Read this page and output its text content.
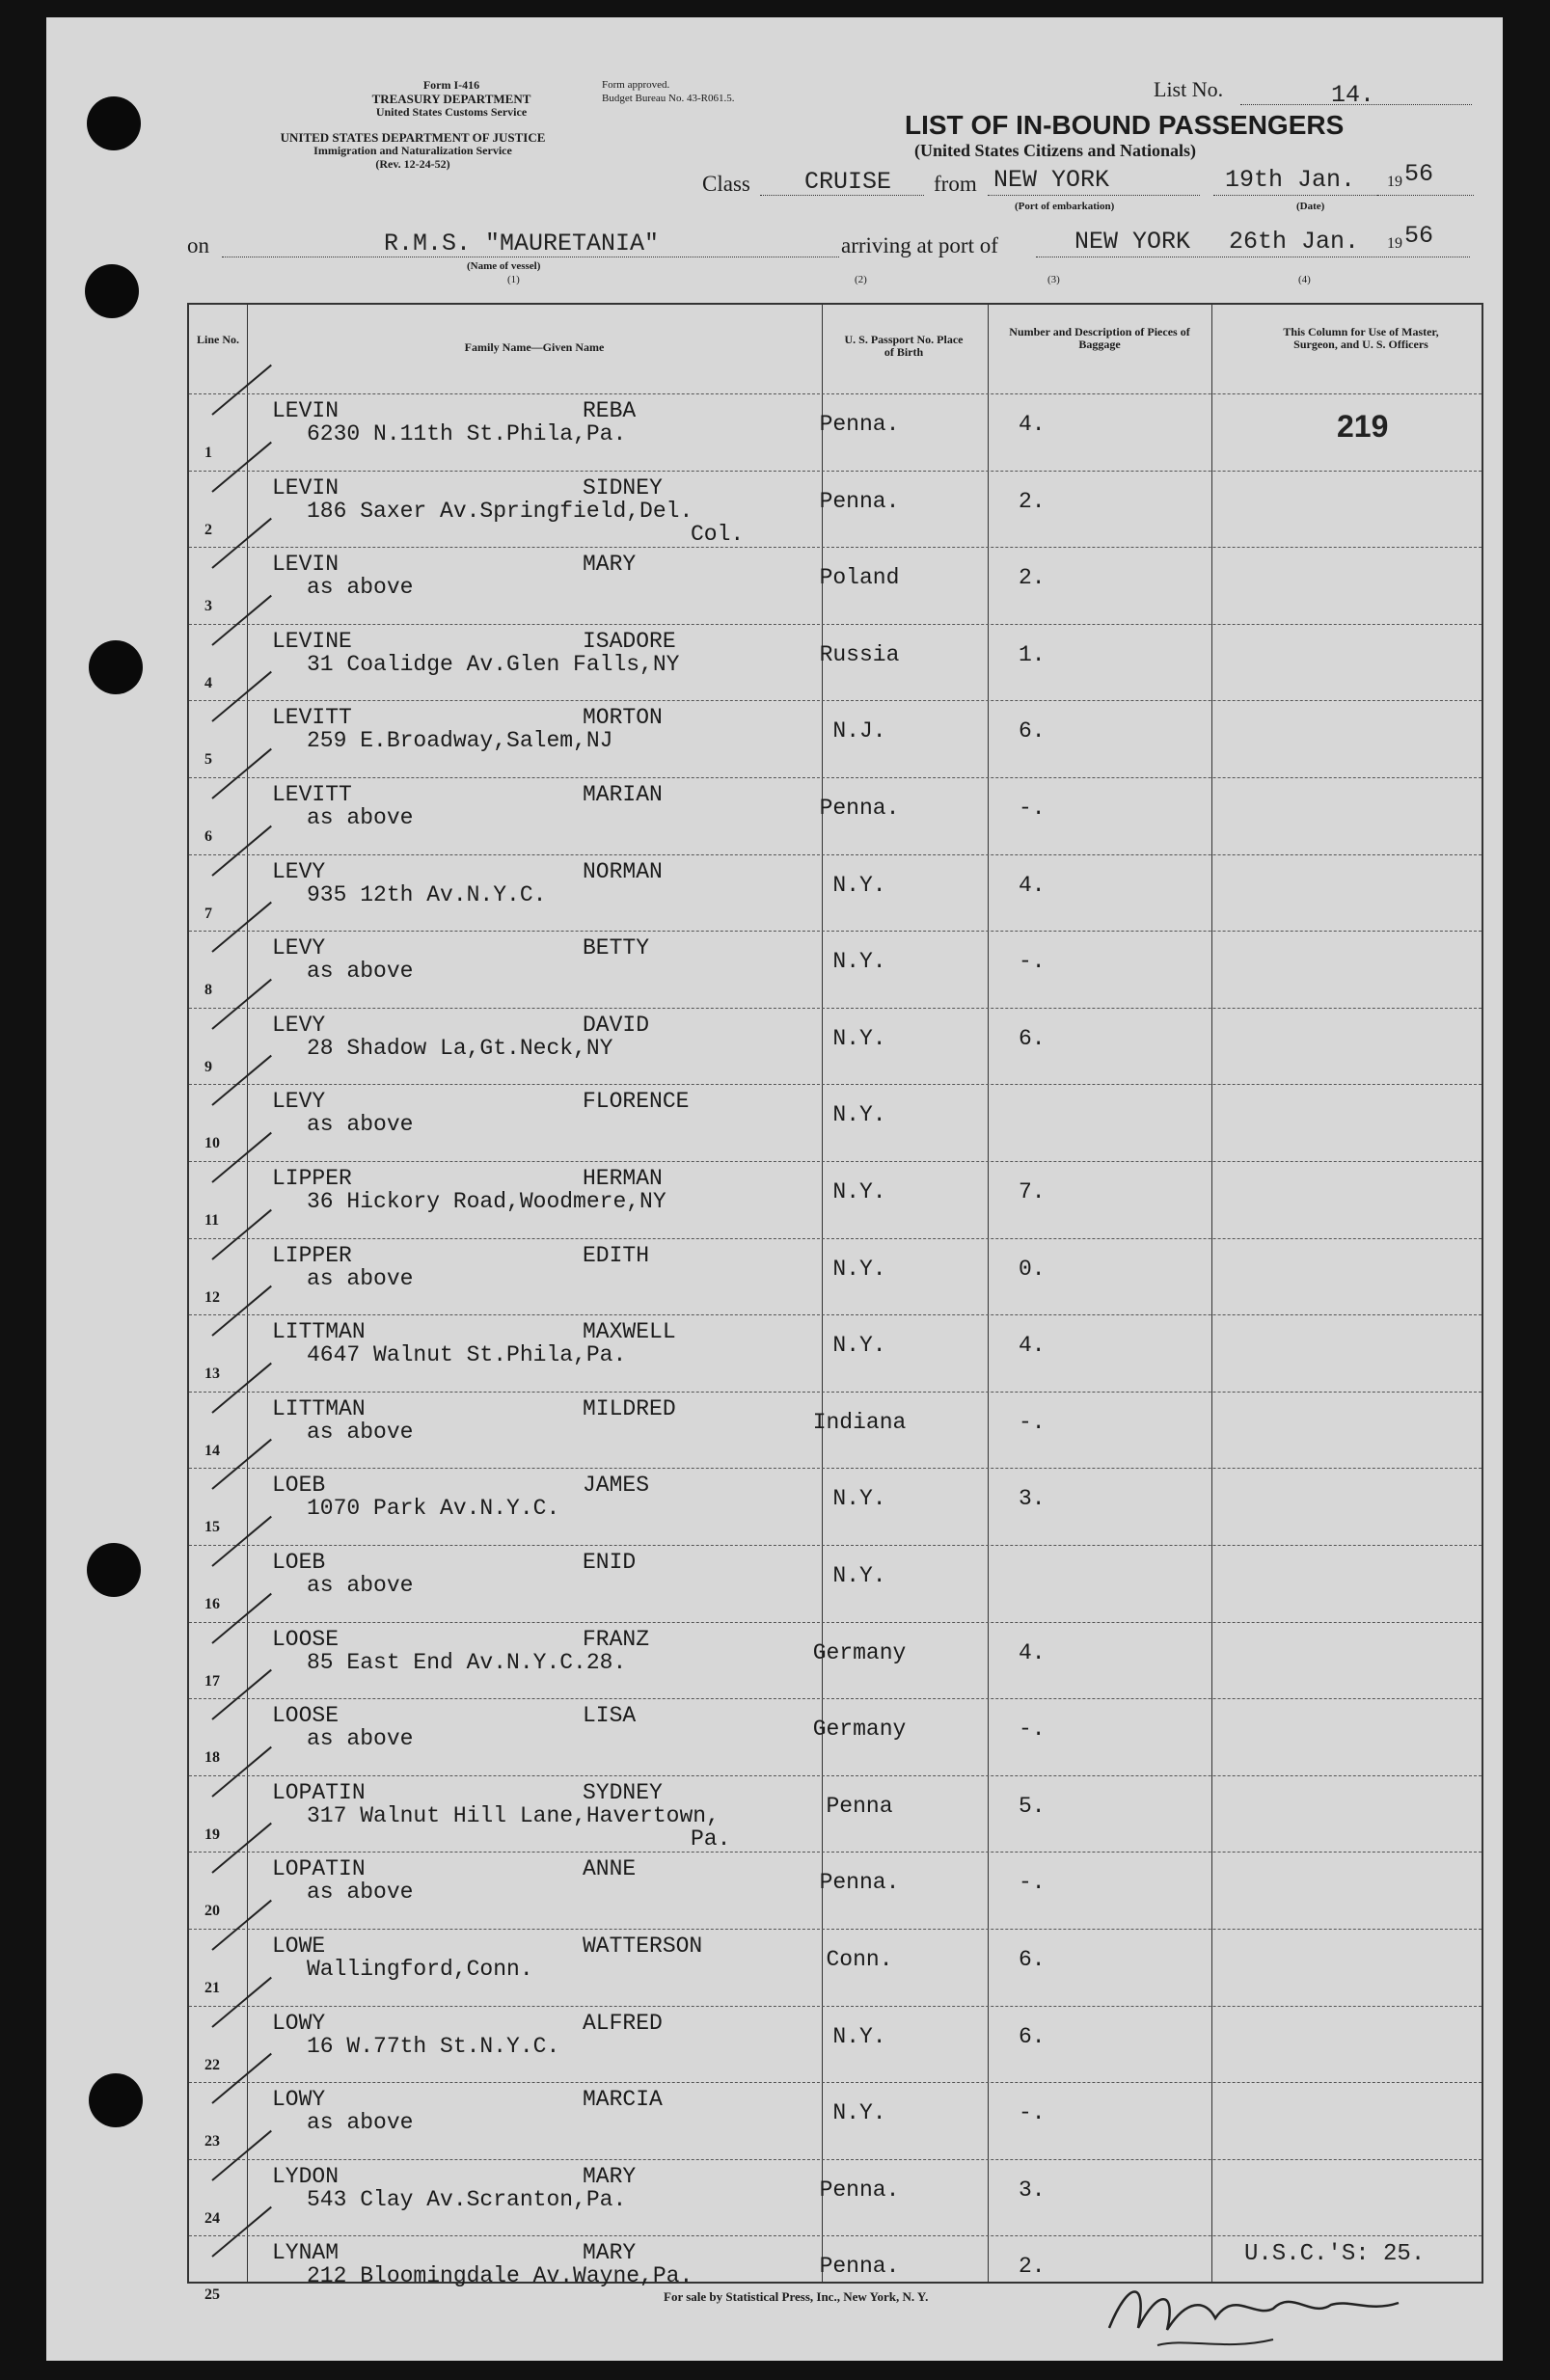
Form I-416
TREASURY DEPARTMENT
United States Customs Service
UNITED STATES DEPARTMENT OF JUSTICE
Immigration and Naturalization Service
(Rev. 12-24-52)
Form approved.
Budget Bureau No. 43-R061.5.	List No.	14.
LIST OF IN-BOUND PASSENGERS
(United States Citizens and Nationals)
Class CRUISE from NEW YORK	19th Jan. 19 56
(Port of embarkation)	(Date)
on	R.M.S. "MAURETANIA"
(Name of vessel)
arriving at port of	NEW YORK 26th Jan. 19 56
(1)	(2)	(3)	(4)
Line No.
Family Name—Given Name
U. S. Passport No. Place of Birth
Number and Description of Pieces of Baggage
This Column for Use of Master, Surgeon, and U. S. Officers
219
1
LEVIN	REBA
6230 N.11th St.Phila,Pa.	Penna.	4.
2
LEVIN	SIDNEY
186 Saxer Av.Springfield,Del.
Col.
Penna.	2.
3
LEVIN	MARY
as above	Poland	2.
4
LEVINE	ISADORE
31 Coalidge Av.Glen Falls,NY	Russia	1.
5
LEVITT	MORTON
259 E.Broadway,Salem,NJ	N.J.	6.
6
LEVITT	MARIAN
as above	Penna.	-.
7
LEVY	NORMAN
935 12th Av.N.Y.C.	N.Y.	4.
8
LEVY	BETTY
as above	N.Y.	-.
9
LEVY	DAVID
28 Shadow La,Gt.Neck,NY	N.Y.	6.
10
LEVY	FLORENCE
as above	N.Y.
11
LIPPER	HERMAN
36 Hickory Road,Woodmere,NY	N.Y.	7.
12
LIPPER	EDITH
as above	N.Y.	0.
13
LITTMAN	MAXWELL
4647 Walnut St.Phila,Pa.	N.Y.	4.
14
LITTMAN	MILDRED
as above	Indiana	-.
15
LOEB	JAMES
1070 Park Av.N.Y.C.	N.Y.	3.
16
LOEB	ENID
as above	N.Y.
17
LOOSE	FRANZ
85 East End Av.N.Y.C.28.	Germany	4.
18
LOOSE	LISA
as above	Germany	-.
19
LOPATIN	SYDNEY
317 Walnut Hill Lane,Havertown,
Pa.
Penna	5.
20
LOPATIN	ANNE
as above	Penna.	-.
21
LOWE	WATTERSON
Wallingford,Conn.	Conn.	6.
22
LOWY	ALFRED
16 W.77th St.N.Y.C.	N.Y.	6.
23
LOWY	MARCIA
as above	N.Y.	-.
24
LYDON	MARY
543 Clay Av.Scranton,Pa.	Penna.	3.
25
LYNAM	MARY
212 Bloomingdale Av.Wayne,Pa.	Penna.	2.	U.S.C.'S: 25.
For sale by Statistical Press, Inc., New York, N. Y.
